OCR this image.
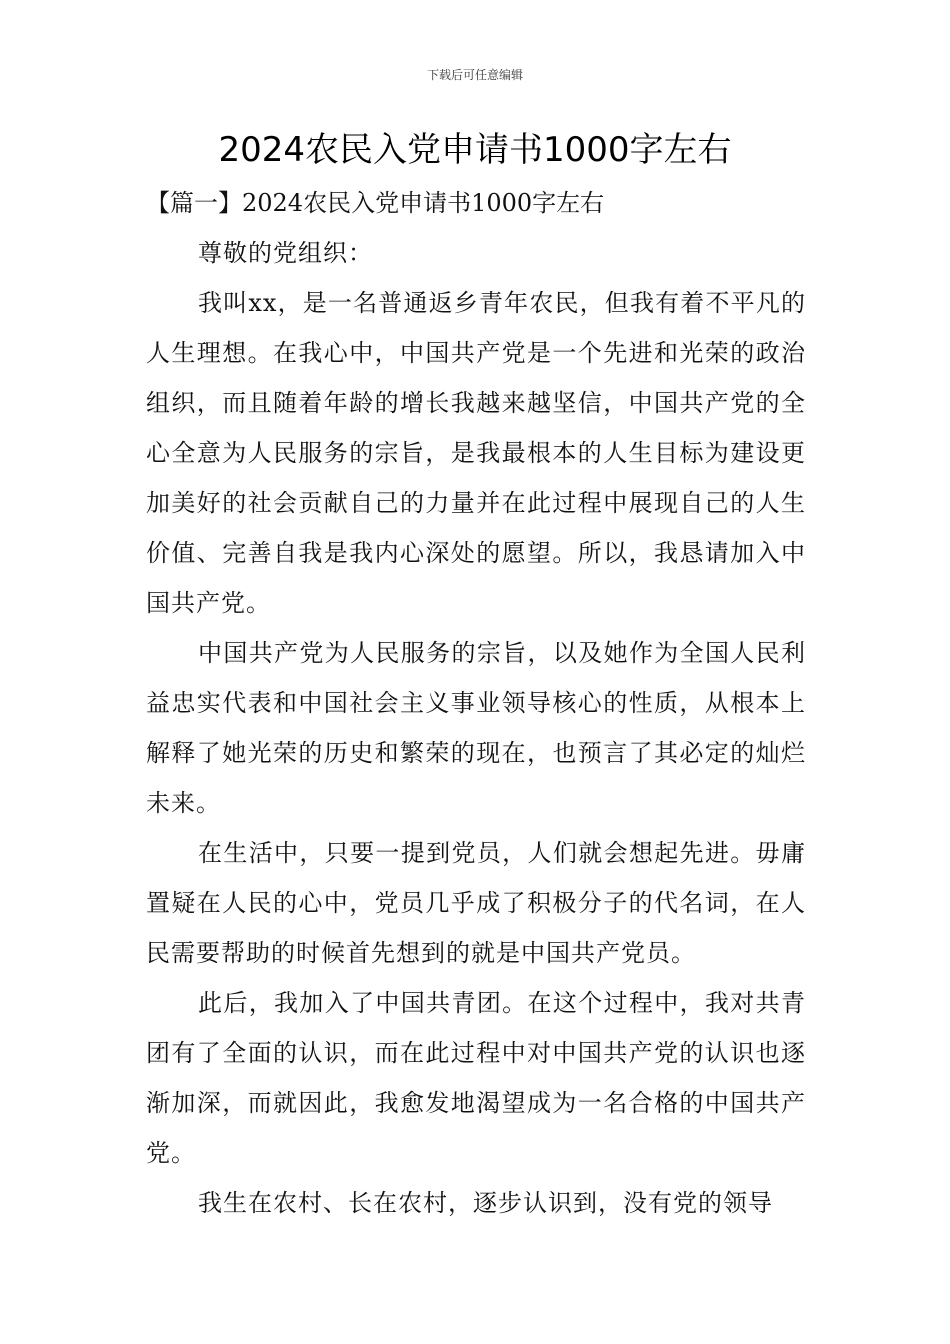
下载后可任意编辑
2024农民入党申请书1000字左右

【篇一】2024农民入党申请书1000字左右

尊敬的党组织：

我叫xx，是一名普通返乡青年农民，但我有着不平凡的人生理想。在我心中，中国共产党是一个先进和光荣的政治组织，而且随着年龄的增长我越来越坚信，中国共产党的全心全意为人民服务的宗旨，是我最根本的人生目标为建设更加美好的社会贡献自己的力量并在此过程中展现自己的人生价值、完善自我是我内心深处的愿望。所以，我恳请加入中国共产党。

中国共产党为人民服务的宗旨，以及她作为全国人民利益忠实代表和中国社会主义事业领导核心的性质，从根本上解释了她光荣的历史和繁荣的现在，也预言了其必定的灿烂未来。

在生活中，只要一提到党员，人们就会想起先进。毋庸置疑在人民的心中，党员几乎成了积极分子的代名词，在人民需要帮助的时候首先想到的就是中国共产党员。

此后，我加入了中国共青团。在这个过程中，我对共青团有了全面的认识，而在此过程中对中国共产党的认识也逐渐加深，而就因此，我愈发地渴望成为一名合格的中国共产党。

我生在农村、长在农村，逐步认识到，没有党的领导
